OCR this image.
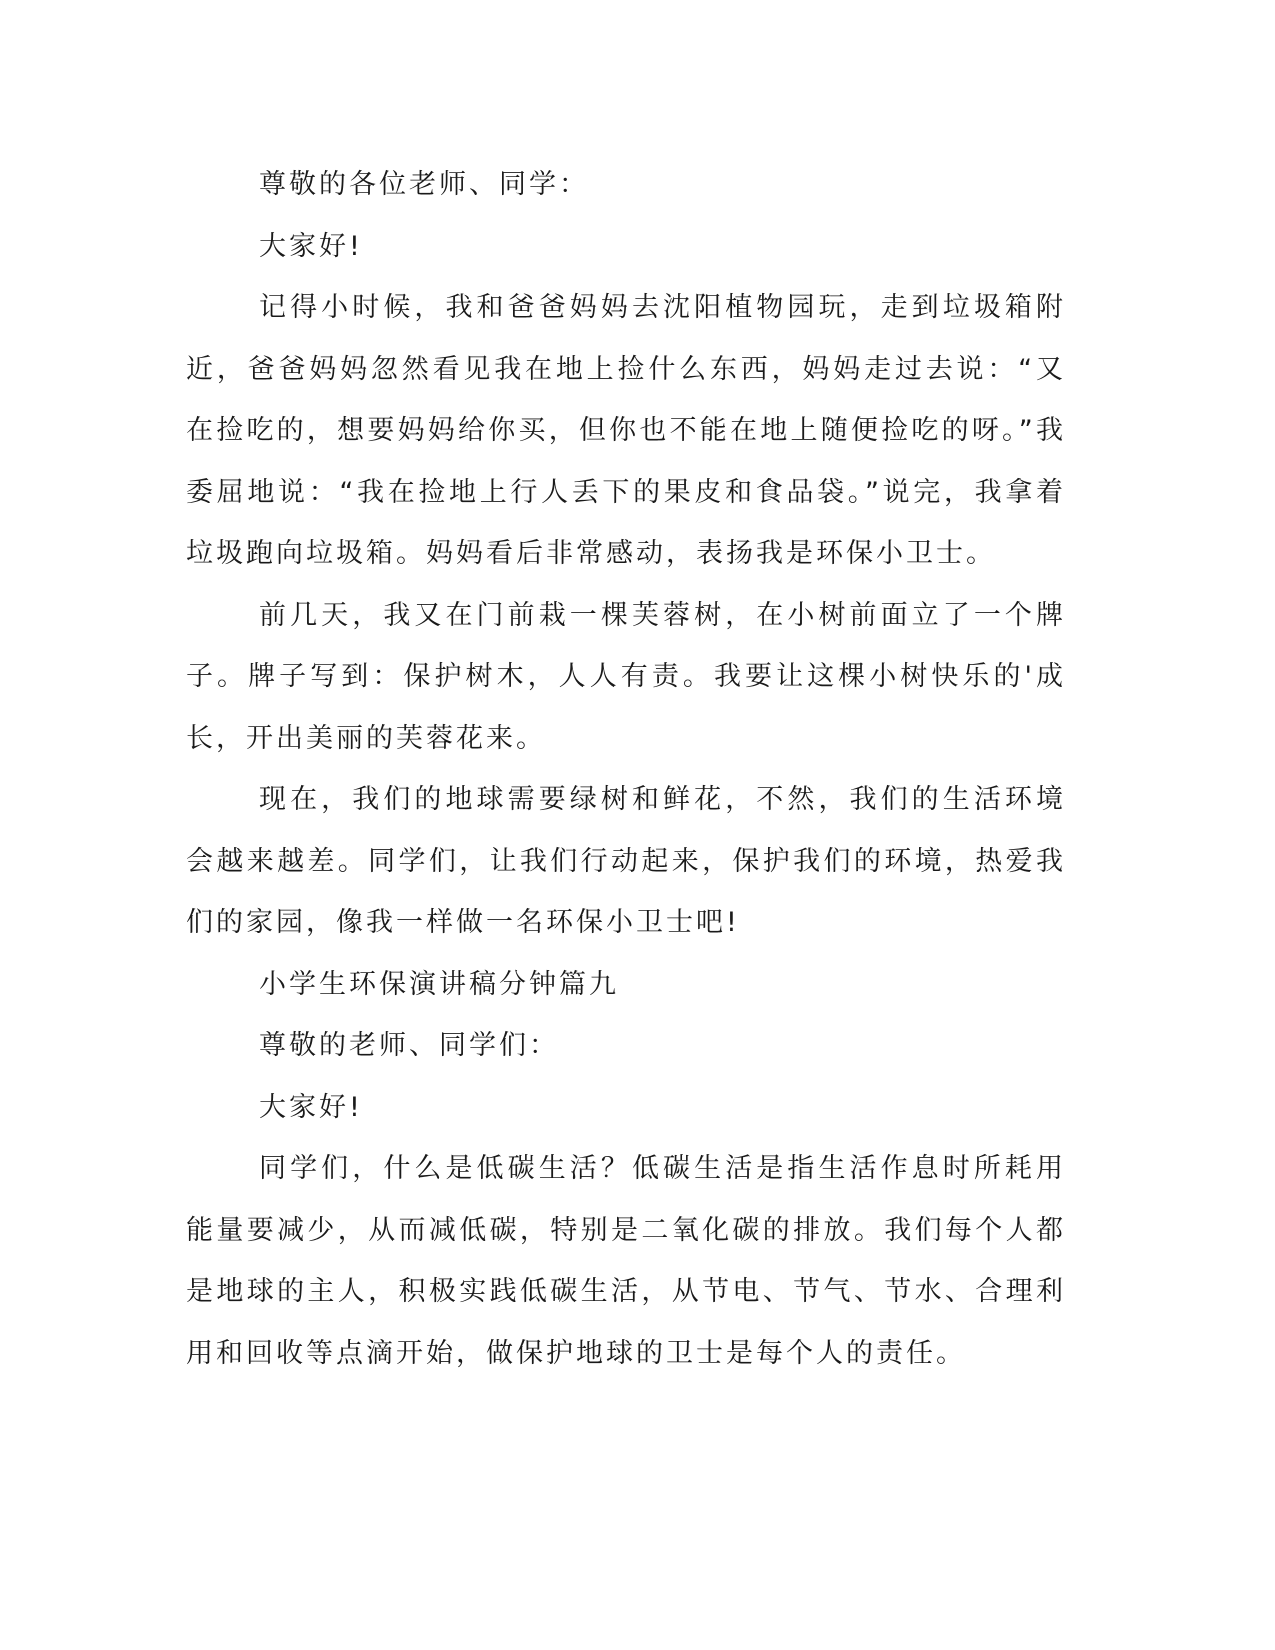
尊敬的各位老师、同学：

大家好!

记得小时候，我和爸爸妈妈去沈阳植物园玩，走到垃圾箱附近，爸爸妈妈忽然看见我在地上捡什么东西，妈妈走过去说：“又在捡吃的，想要妈妈给你买，但你也不能在地上随便捡吃的呀。”我委屈地说：“我在捡地上行人丢下的果皮和食品袋。”说完，我拿着垃圾跑向垃圾箱。妈妈看后非常感动，表扬我是环保小卫士。

前几天，我又在门前栽一棵芙蓉树，在小树前面立了一个牌子。牌子写到：保护树木，人人有责。我要让这棵小树快乐的'成长，开出美丽的芙蓉花来。

现在，我们的地球需要绿树和鲜花，不然，我们的生活环境会越来越差。同学们，让我们行动起来，保护我们的环境，热爱我们的家园，像我一样做一名环保小卫士吧!

小学生环保演讲稿分钟篇九

尊敬的老师、同学们：

大家好!

同学们，什么是低碳生活？低碳生活是指生活作息时所耗用能量要减少，从而减低碳，特别是二氧化碳的排放。我们每个人都是地球的主人，积极实践低碳生活，从节电、节气、节水、合理利用和回收等点滴开始，做保护地球的卫士是每个人的责任。
